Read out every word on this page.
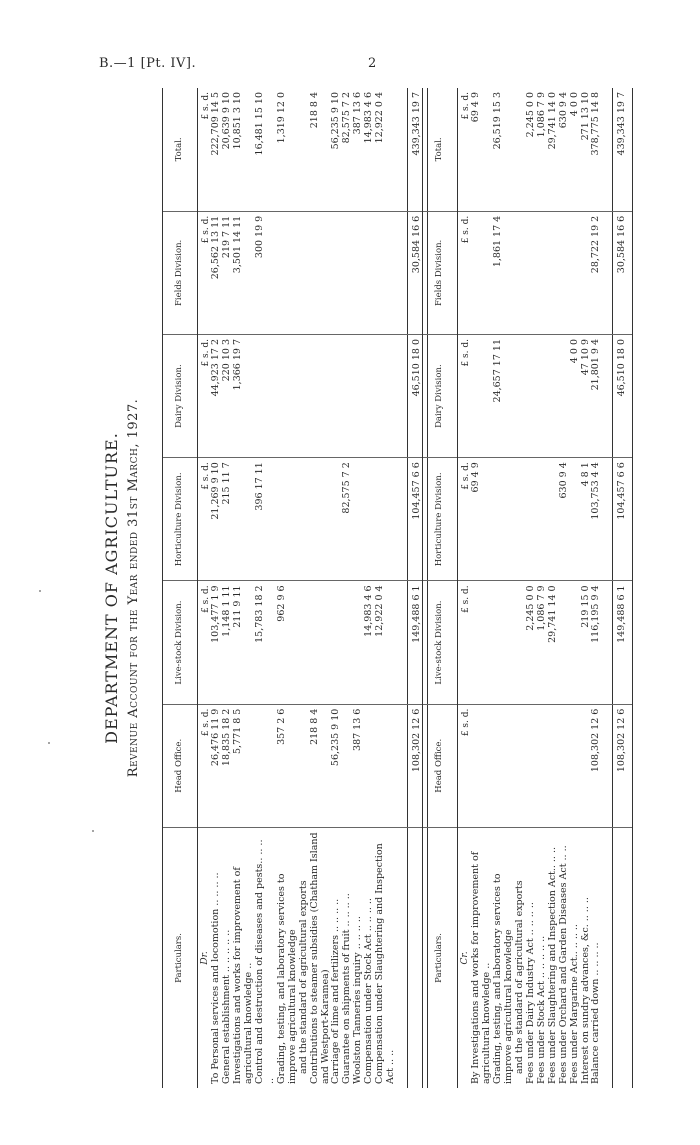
B.—1 [Pt. IV].	2
DEPARTMENT OF AGRICULTURE. Revenue Account for the Year ended 31st March, 1927.
Particulars.	Head Office.	Live-stock Division.	Horticulture Division.	Dairy Division.	Fields Division.	Total.
Dr.	£ s. d.	£ s. d.	£ s. d.	£ s. d.	£ s. d.	£ s. d.
To Personal services and locomotion .. .. .. ..	26,476 11 9	103,477 1 9	21,269 9 10	44,923 17 2	26,562 13 11	222,709 14 5
General establishment .. .. .. .. ..	18,835 18 2	1,148 1 11	215 11 7	220 10 3	219 7 11	20,639 9 10
Investigations and works for improvement of agricultural knowledge ..	5,771 8 5	211 9 11		1,366 19 7	3,501 14 11	10,851 3 10
Control and destruction of diseases and pests.. .. .. ..		15,783 18 2	396 17 11		300 19 9	16,481 15 10
Grading, testing, and laboratory services to improve agricultural knowledge	357 2 6	962 9 6				1,319 12 0
and the standard of agricultural exports						
Contributions to steamer subsidies (Chatham Island and Westport-Karamea)	218 8 4					218 8 4
Carriage of lime and fertilizers .. .. .. ..	56,235 9 10					56,235 9 10
Guarantee on shipments of fruit .. .. .. ..			82,575 7 2			82,575 7 2
Woolston Tanneries inquiry .. .. .. ..	387 13 6					387 13 6
Compensation under Stock Act .. .. .. ..		14,983 4 6				14,983 4 6
Compensation under Slaughtering and Inspection Act .. ..		12,922 0 4				12,922 0 4

	108,302 12 6	149,488 6 1	104,457 6 6	46,510 18 0	30,584 16 6	439,343 19 7
Particulars.	Head Office.	Live-stock Division.	Horticulture Division.	Dairy Division.	Fields Division.	Total.
Cr.	£ s. d.	£ s. d.	£ s. d.	£ s. d.	£ s. d.	£ s. d.
By Investigations and works for improvement of agricultural knowledge ..			69 4 9			69 4 9
Grading, testing, and laboratory services to improve agricultural knowledge				24,657 17 11	1,861 17 4	26,519 15 3
and the standard of agricultural exports						
Fees under Dairy Industry Act .. .. .. ..		2,245 0 0				2,245 0 0
Fees under Stock Act .. .. .. .. ..		1,086 7 9				1,086 7 9
Fees under Slaughtering and Inspection Act.. .. ..		29,741 14 0				29,741 14 0
Fees under Orchard and Garden Diseases Act .. ..			630 9 4			630 9 4
Fees under Margarine Act.. .. .. ..				4 0 0		4 0 0
Interest on sundry advances, &c. .. .. ..		219 15 0	4 8 1	47 10 9		271 13 10
Balance carried down .. .. .. ..	108,302 12 6	116,195 9 4	103,753 4 4	21,801 9 4	28,722 19 2	378,775 14 8

	108,302 12 6	149,488 6 1	104,457 6 6	46,510 18 0	30,584 16 6	439,343 19 7
